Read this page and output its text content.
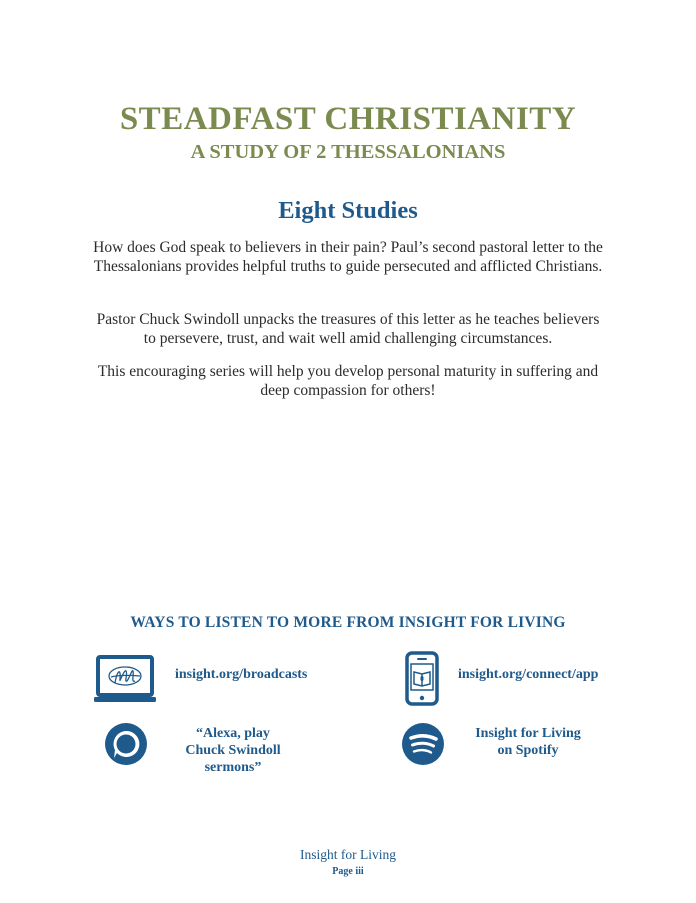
STEADFAST CHRISTIANITY
A STUDY OF 2 THESSALONIANS
Eight Studies
How does God speak to believers in their pain? Paul’s second pastoral letter to the Thessalonians provides helpful truths to guide persecuted and afflicted Christians.
Pastor Chuck Swindoll unpacks the treasures of this letter as he teaches believers to persevere, trust, and wait well amid challenging circumstances.
This encouraging series will help you develop personal maturity in suffering and deep compassion for others!
WAYS TO LISTEN TO MORE FROM INSIGHT FOR LIVING
insight.org/broadcasts	insight.org/connect/app
“Alexa, play
Chuck Swindoll sermons”
Insight for Living
on Spotify
Insight for Living
Page iii
